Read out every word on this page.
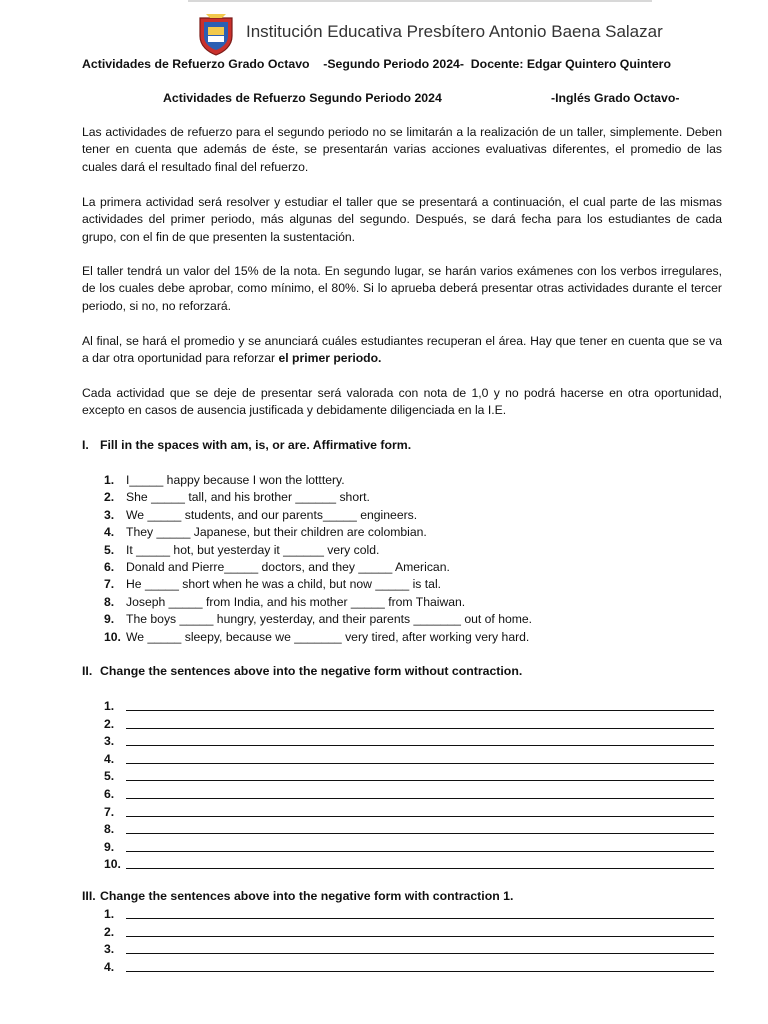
Institución Educativa Presbítero Antonio Baena Salazar
Actividades de Refuerzo Grado Octavo    -Segundo Periodo 2024-  Docente: Edgar Quintero Quintero
Actividades de Refuerzo Segundo Periodo 2024	-Inglés Grado Octavo-

Las actividades de refuerzo para el segundo periodo no se limitarán a la realización de un taller, simplemente. Deben tener en cuenta que además de éste, se presentarán varias acciones evaluativas diferentes, el promedio de las cuales dará el resultado final del refuerzo.

La primera actividad será resolver y estudiar el taller que se presentará a continuación, el cual parte de las mismas actividades del primer periodo, más algunas del segundo. Después, se dará fecha para los estudiantes de cada grupo, con el fin de que presenten la sustentación.

El taller tendrá un valor del 15% de la nota. En segundo lugar, se harán varios exámenes con los verbos irregulares, de los cuales debe aprobar, como mínimo, el 80%. Si lo aprueba deberá presentar otras actividades durante el tercer periodo, si no, no reforzará.

Al final, se hará el promedio y se anunciará cuáles estudiantes recuperan el área. Hay que tener en cuenta que se va a dar otra oportunidad para reforzar el primer periodo.

Cada actividad que se deje de presentar será valorada con nota de 1,0 y no podrá hacerse en otra oportunidad, excepto en casos de ausencia justificada y debidamente diligenciada en la I.E.

I. Fill in the spaces with am, is, or are. Affirmative form.
1. I_____ happy because I won the lotttery.
2. She _____ tall, and his brother ______ short.
3. We _____ students, and our parents_____ engineers.
4. They _____ Japanese, but their children are colombian.
5. It _____ hot, but yesterday it ______ very cold.
6. Donald and Pierre_____ doctors, and they _____ American.
7. He _____ short when he was a child, but now _____ is tal.
8. Joseph _____ from India, and his mother _____ from Thaiwan.
9. The boys _____ hungry, yesterday, and their parents _______ out of home.
10. We _____ sleepy, because we _______ very tired, after working very hard.
II. Change the sentences above into the negative form without contraction.
1.
2.
3.
4.
5.
6.
7.
8.
9.
10.
III. Change the sentences above into the negative form with contraction 1.
1.
2.
3.
4.
